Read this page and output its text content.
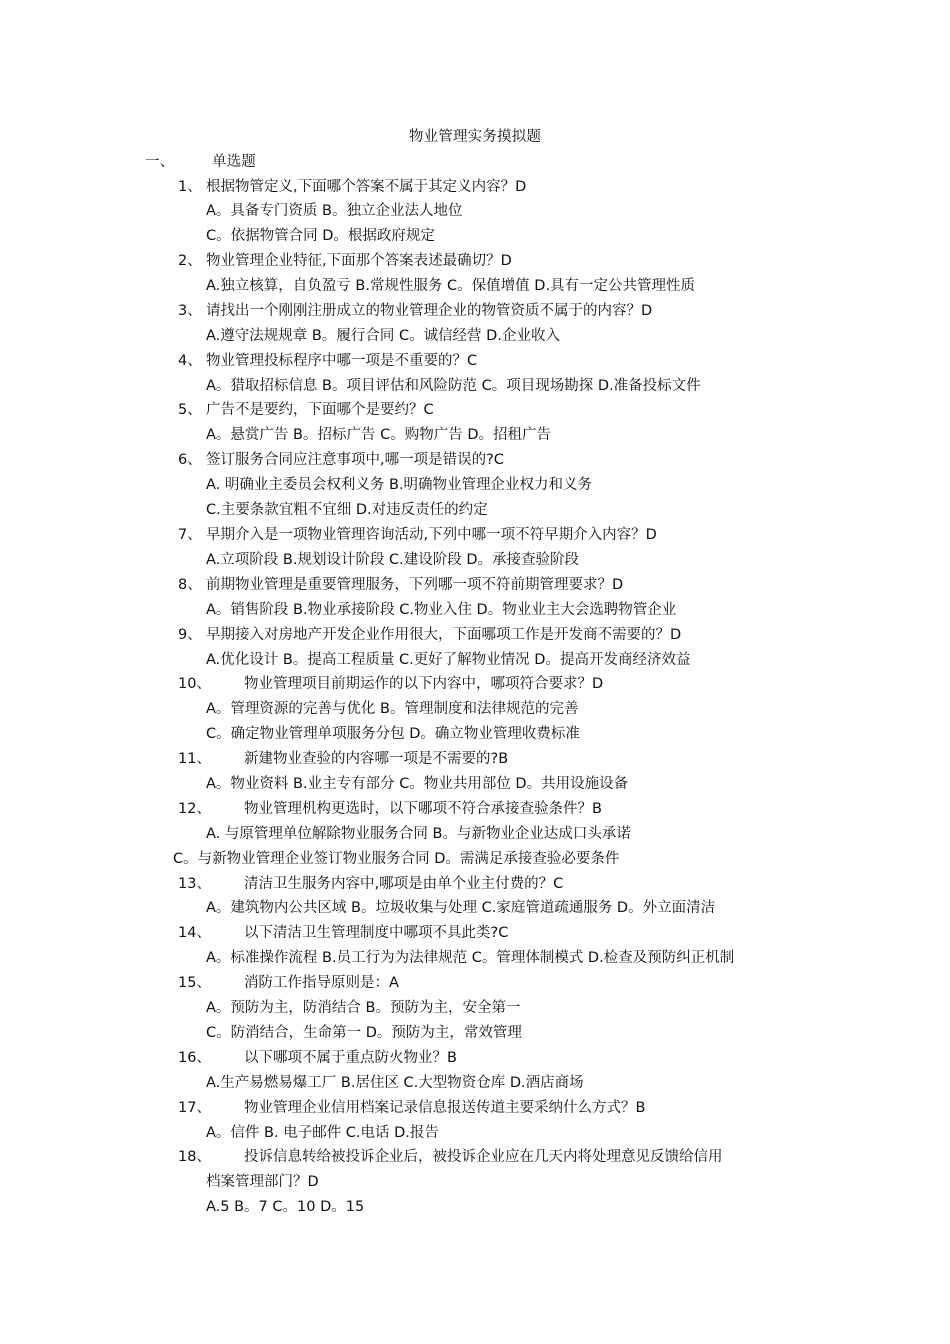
物业管理实务摸拟题
一、	单选题
1、 根据物管定义,下面哪个答案不属于其定义内容？D
A。具备专门资质 B。独立企业法人地位
C。依据物管合同 D。根据政府规定
2、 物业管理企业特征,下面那个答案表述最确切？D
A.独立核算，自负盈亏 B.常规性服务 C。保值增值 D.具有一定公共管理性质
3、 请找出一个刚刚注册成立的物业管理企业的物管资质不属于的内容？D
A.遵守法规规章 B。履行合同 C。诚信经营 D.企业收入
4、 物业管理投标程序中哪一项是不重要的？C
A。猎取招标信息 B。项目评估和风险防范 C。项目现场勘探 D.准备投标文件
5、 广告不是要约，下面哪个是要约？C
A。悬赏广告 B。招标广告 C。购物广告 D。招租广告
6、 签订服务合同应注意事项中,哪一项是错误的?C
A. 明确业主委员会权利义务 B.明确物业管理企业权力和义务
C.主要条款宜粗不宜细 D.对违反责任的约定
7、 早期介入是一项物业管理咨询活动,下列中哪一项不符早期介入内容？D
A.立项阶段 B.规划设计阶段 C.建设阶段 D。承接查验阶段
8、 前期物业管理是重要管理服务，下列哪一项不符前期管理要求？D
A。销售阶段 B.物业承接阶段 C.物业入住 D。物业业主大会选聘物管企业
9、 早期接入对房地产开发企业作用很大，下面哪项工作是开发商不需要的？D
A.优化设计 B。提高工程质量 C.更好了解物业情况 D。提高开发商经济效益
10、 物业管理项目前期运作的以下内容中，哪项符合要求？D
A。管理资源的完善与优化 B。管理制度和法律规范的完善
C。确定物业管理单项服务分包 D。确立物业管理收费标准
11、 新建物业查验的内容哪一项是不需要的?B
A。物业资料 B.业主专有部分 C。物业共用部位 D。共用设施设备
12、 物业管理机构更选时，以下哪项不符合承接查验条件？B
A. 与原管理单位解除物业服务合同 B。与新物业企业达成口头承诺
C。与新物业管理企业签订物业服务合同 D。需满足承接查验必要条件
13、 清洁卫生服务内容中,哪项是由单个业主付费的？C
A。建筑物内公共区域 B。垃圾收集与处理 C.家庭管道疏通服务 D。外立面清洁
14、 以下清洁卫生管理制度中哪项不具此类?C
A。标准操作流程 B.员工行为为法律规范 C。管理体制模式 D.检查及预防纠正机制
15、 消防工作指导原则是：A
A。预防为主，防消结合 B。预防为主，安全第一
C。防消结合，生命第一 D。预防为主，常效管理
16、 以下哪项不属于重点防火物业？B
A.生产易燃易爆工厂 B.居住区 C.大型物资仓库 D.酒店商场
17、 物业管理企业信用档案记录信息报送传道主要采纳什么方式？B
A。信件 B. 电子邮件 C.电话 D.报告
18、 投诉信息转给被投诉企业后，被投诉企业应在几天内将处理意见反馈给信用
档案管理部门？D
A.5 B。7 C。10 D。15
